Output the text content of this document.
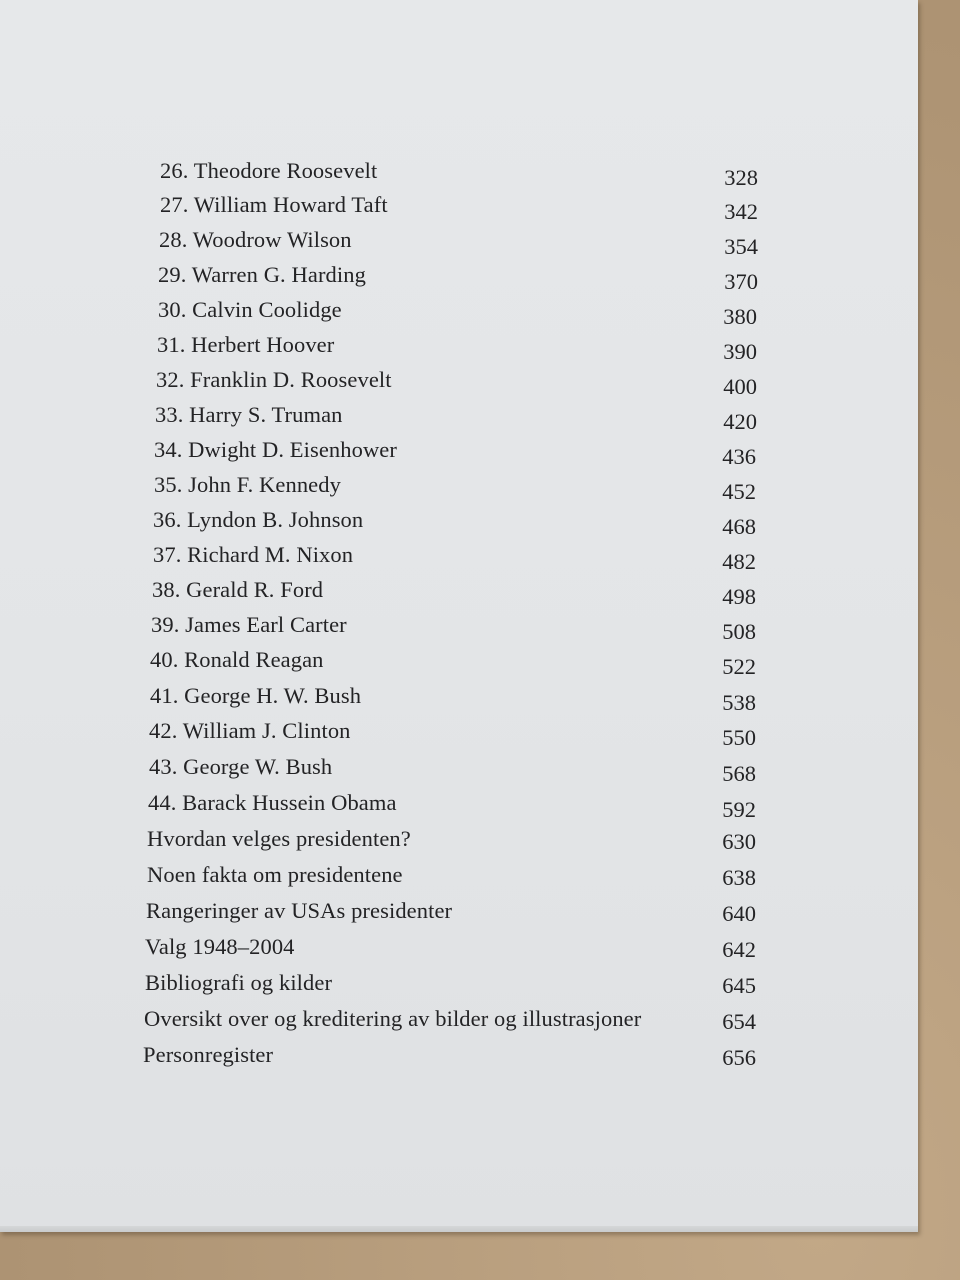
26. Theodore Roosevelt	328
27. William Howard Taft	342
28. Woodrow Wilson	354
29. Warren G. Harding	370
30. Calvin Coolidge	380
31. Herbert Hoover	390
32. Franklin D. Roosevelt	400
33. Harry S. Truman	420
34. Dwight D. Eisenhower	436
35. John F. Kennedy	452
36. Lyndon B. Johnson	468
37. Richard M. Nixon	482
38. Gerald R. Ford	498
39. James Earl Carter	508
40. Ronald Reagan	522
41. George H. W. Bush	538
42. William J. Clinton	550
43. George W. Bush	568
44. Barack Hussein Obama	592
Hvordan velges presidenten?	630
Noen fakta om presidentene	638
Rangeringer av USAs presidenter	640
Valg 1948–2004	642
Bibliografi og kilder	645
Oversikt over og kreditering av bilder og illustrasjoner	654
Personregister	656
